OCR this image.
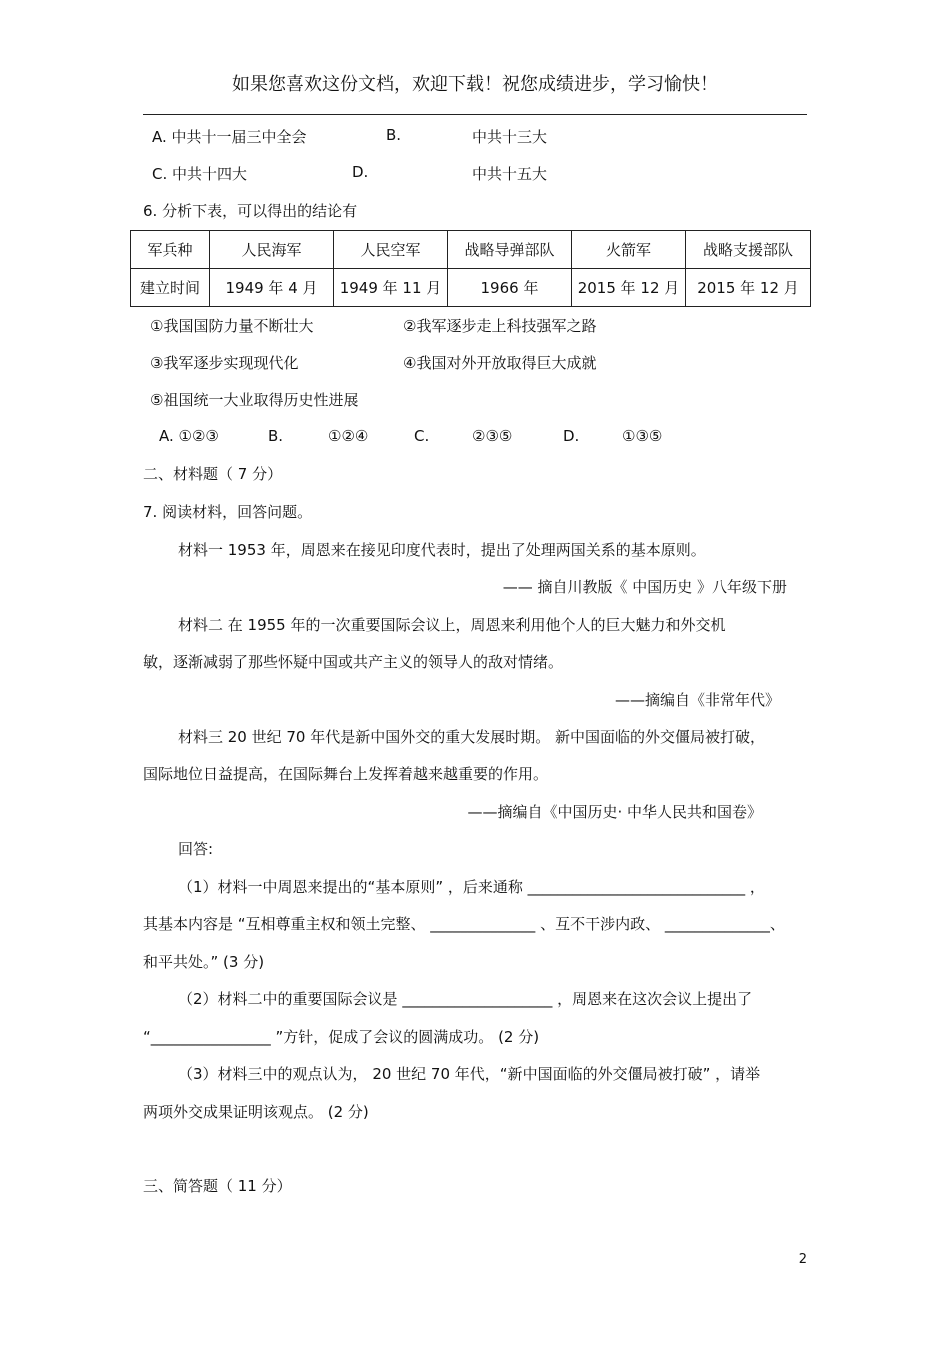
如果您喜欢这份文档，欢迎下载！祝您成绩进步，学习愉快！
A. 中共十一届三中全会	B.	中共十三大
C. 中共十四大	D.	中共十五大
6. 分析下表，可以得出的结论有
军兵种	人民海军	人民空军	战略导弹部队	火箭军	战略支援部队
建立时间	1949 年 4 月	1949 年 11 月	1966 年	2015 年 12 月	2015 年 12 月
①我国国防力量不断壮大	②我军逐步走上科技强军之路
③我军逐步实现现代化	④我国对外开放取得巨大成就
⑤祖国统一大业取得历史性进展
A. ①②③	B.	①②④	C.	②③⑤	D.	①③⑤
二、材料题（ 7 分）
7. 阅读材料，回答问题。
材料一 1953 年，周恩来在接见印度代表时，提出了处理两国关系的基本原则。
—— 摘自川教版《 中国历史 》八年级下册
材料二 在 1955 年的一次重要国际会议上，周恩来利用他个人的巨大魅力和外交机
敏，逐渐减弱了那些怀疑中国或共产主义的领导人的敌对情绪。
——摘编自《非常年代》
材料三 20 世纪 70 年代是新中国外交的重大发展时期。 新中国面临的外交僵局被打破，
国际地位日益提高，在国际舞台上发挥着越来越重要的作用。
——摘编自《中国历史· 中华人民共和国卷》
回答:
（1）材料一中周恩来提出的“基本原则” ，后来通称 _____________________________ ，
其基本内容是 “互相尊重主权和领土完整、 ______________ 、互不干涉内政、 ______________、
和平共处。” (3 分)
（2）材料二中的重要国际会议是 ____________________ ，周恩来在这次会议上提出了
“________________ ”方针，促成了会议的圆满成功。 (2 分)
（3）材料三中的观点认为， 20 世纪 70 年代，“新中国面临的外交僵局被打破” ，请举
两项外交成果证明该观点。 (2 分)
三、简答题（ 11 分）
2
